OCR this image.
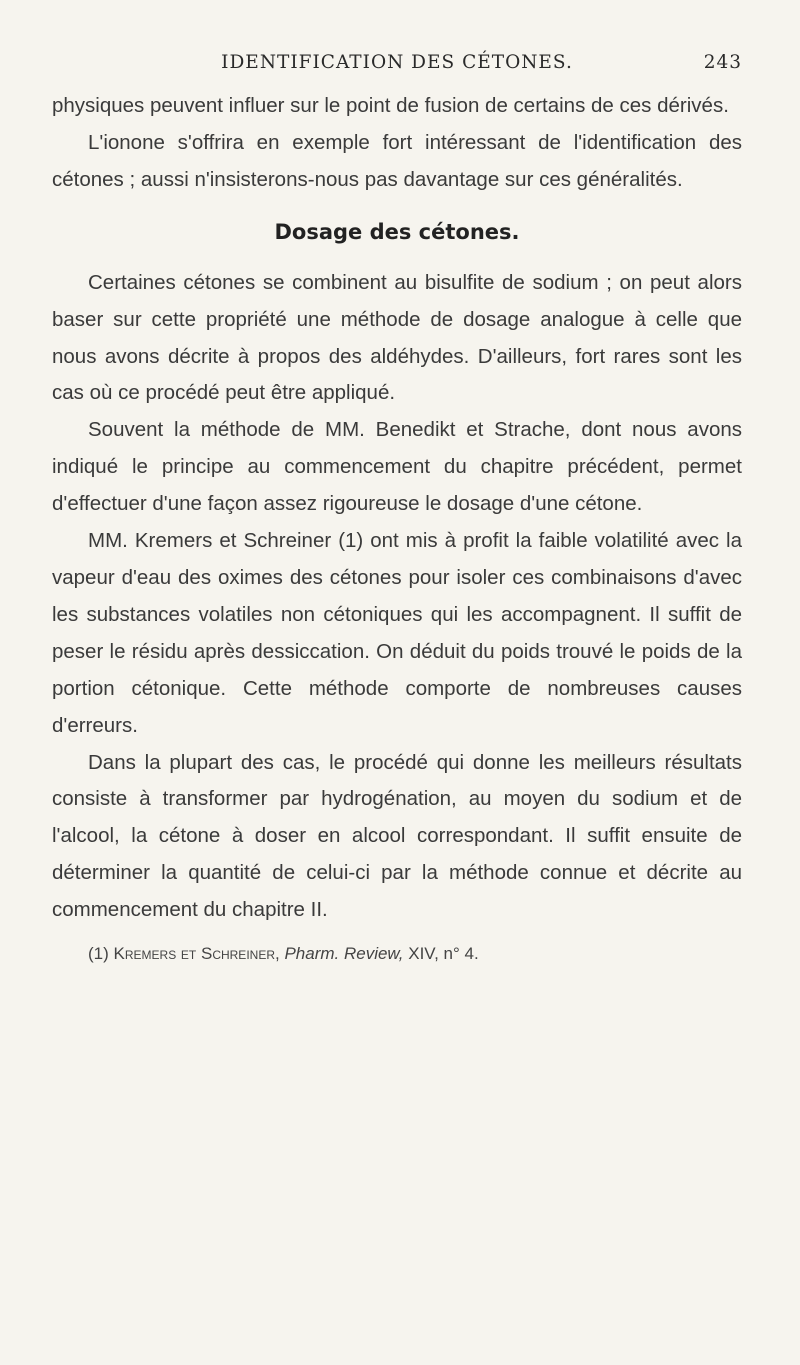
IDENTIFICATION DES CÉTONES.	243

physiques peuvent influer sur le point de fusion de certains de ces dérivés.

L'ionone s'offrira en exemple fort intéressant de l'identification des cétones ; aussi n'insisterons-nous pas davantage sur ces généralités.

Dosage des cétones.

Certaines cétones se combinent au bisulfite de sodium ; on peut alors baser sur cette propriété une méthode de dosage analogue à celle que nous avons décrite à propos des aldéhydes. D'ailleurs, fort rares sont les cas où ce procédé peut être appliqué.

Souvent la méthode de MM. Benedikt et Strache, dont nous avons indiqué le principe au commencement du chapitre précédent, permet d'effectuer d'une façon assez rigoureuse le dosage d'une cétone.

MM. Kremers et Schreiner (1) ont mis à profit la faible volatilité avec la vapeur d'eau des oximes des cétones pour isoler ces combinaisons d'avec les substances volatiles non cétoniques qui les accompagnent. Il suffit de peser le résidu après dessiccation. On déduit du poids trouvé le poids de la portion cétonique. Cette méthode comporte de nombreuses causes d'erreurs.

Dans la plupart des cas, le procédé qui donne les meilleurs résultats consiste à transformer par hydrogénation, au moyen du sodium et de l'alcool, la cétone à doser en alcool correspondant. Il suffit ensuite de déterminer la quantité de celui-ci par la méthode connue et décrite au commencement du chapitre II.

(1) Kremers et Schreiner, Pharm. Review, XIV, n° 4.
